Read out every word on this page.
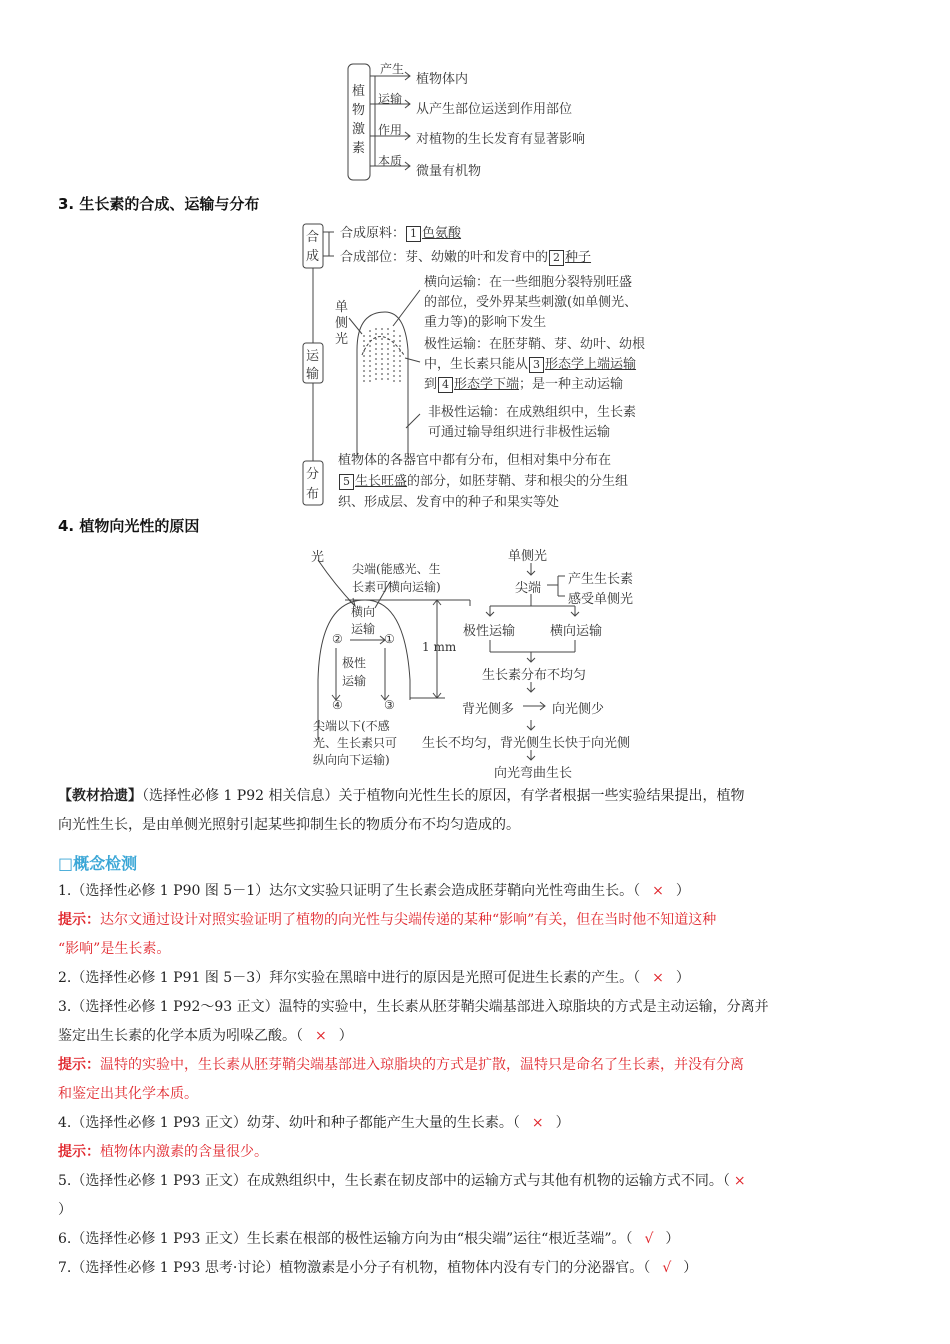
植
物
激
素
产生
植物体内
运输
从产生部位运送到作用部位
作用
对植物的生长发育有显著影响
本质
微量有机物
3. 生长素的合成、运输与分布
合
成
合成原料： 1 色氨酸
合成部位：芽、幼嫩的叶和发育中的 2 种子
单
侧
光
运
输
横向运输：在一些细胞分裂特别旺盛
的部位，受外界某些刺激(如单侧光、
重力等)的影响下发生
极性运输：在胚芽鞘、芽、幼叶、幼根
中，生长素只能从 3 形态学上端运输
到 4 形态学下端；是一种主动运输
非极性运输：在成熟组织中，生长素
可通过输导组织进行非极性运输
分
布
植物体的各器官中都有分布，但相对集中分布在
5 生长旺盛的部分，如胚芽鞘、芽和根尖的分生组
织、形成层、发育中的种子和果实等处
4. 植物向光性的原因
光
尖端(能感光、生
长素可横向运输)
横向
运输
②	①
极性
运输
④	③
1 mm
尖端以下(不感
光、生长素只可
纵向向下运输)
单侧光
尖端
产生生长素
感受单侧光
极性运输	横向运输
生长素分布不均匀
背光侧多	向光侧少
生长不均匀，背光侧生长快于向光侧
向光弯曲生长
【教材拾遗】（选择性必修 1 P92 相关信息）关于植物向光性生长的原因，有学者根据一些实验结果提出，植物
向光性生长，是由单侧光照射引起某些抑制生长的物质分布不均匀造成的。
□概念检测
1.（选择性必修 1 P90 图 5－1）达尔文实验只证明了生长素会造成胚芽鞘向光性弯曲生长。（ × ）
提示：达尔文通过设计对照实验证明了植物的向光性与尖端传递的某种“影响”有关，但在当时他不知道这种
“影响”是生长素。
2.（选择性必修 1 P91 图 5－3）拜尔实验在黑暗中进行的原因是光照可促进生长素的产生。（ × ）
3.（选择性必修 1 P92～93 正文）温特的实验中，生长素从胚芽鞘尖端基部进入琼脂块的方式是主动运输，分离并
鉴定出生长素的化学本质为吲哚乙酸。（ × ）
提示：温特的实验中，生长素从胚芽鞘尖端基部进入琼脂块的方式是扩散，温特只是命名了生长素，并没有分离
和鉴定出其化学本质。
4.（选择性必修 1 P93 正文）幼芽、幼叶和种子都能产生大量的生长素。（ × ）
提示：植物体内激素的含量很少。
5.（选择性必修 1 P93 正文）在成熟组织中，生长素在韧皮部中的运输方式与其他有机物的运输方式不同。（ ×
）
6.（选择性必修 1 P93 正文）生长素在根部的极性运输方向为由“根尖端”运往“根近茎端”。（ √ ）
7.（选择性必修 1 P93 思考·讨论）植物激素是小分子有机物，植物体内没有专门的分泌器官。（ √ ）
